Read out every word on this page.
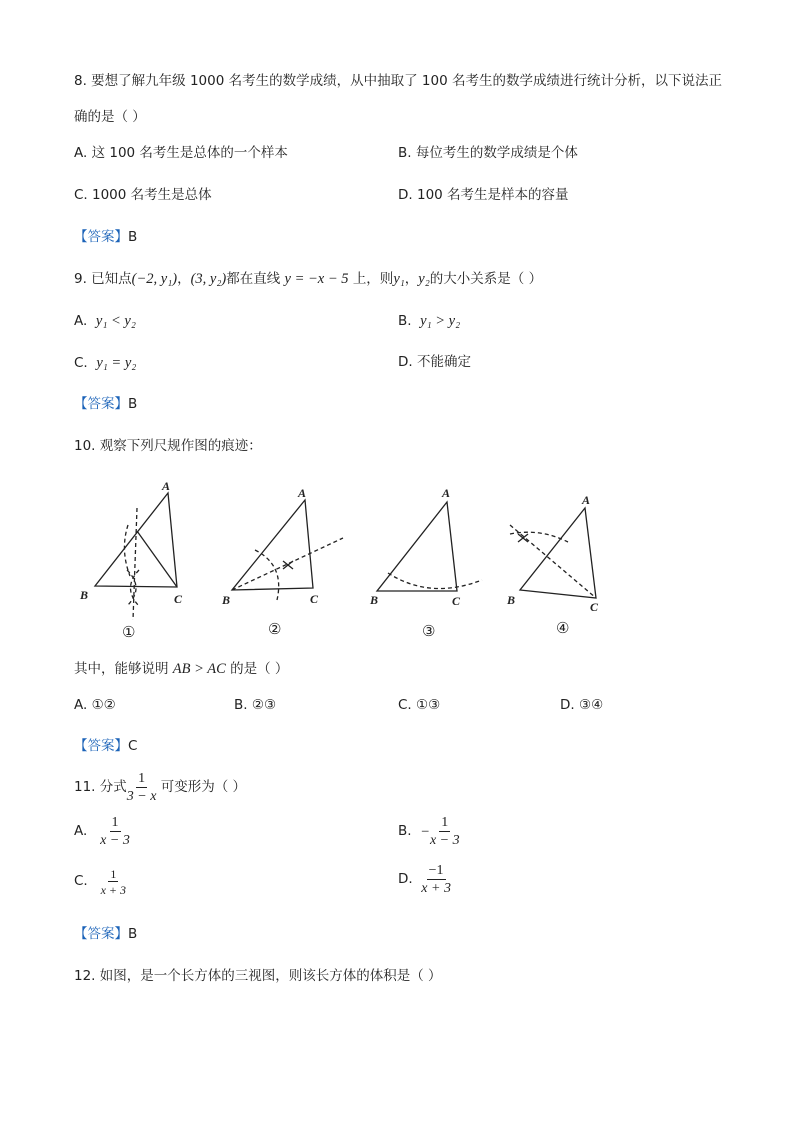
8. 要想了解九年级 1000 名考生的数学成绩，从中抽取了 100 名考生的数学成绩进行统计分析，以下说法正
确的是（ ）
A. 这 100 名考生是总体的一个样本	B. 每位考生的数学成绩是个体
C. 1000 名考生是总体	D. 100 名考生是样本的容量
【答案】B
9. 已知点(−2, y₁)，(3, y₂)都在直线 y = −x − 5 上，则y₁，y₂的大小关系是（ ）
A. y₁ < y₂	B. y₁ > y₂
C. y₁ = y₂	D. 不能确定
【答案】B
10. 观察下列尺规作图的痕迹：
A
B	C
①
A
B	C
②
A
B	C
③
A
B	C
④
其中，能够说明 AB > AC 的是（ ）
A. ①②	B. ②③	C. ①③	D. ③④
【答案】C
11. 分式 $\frac{1}{3 - x}$
可变形为（ ）
A.
$\frac{1}{x - 3}$	B.
− $\frac{1}{x - 3}$
C.
$\frac{1}{x + 3}$	D.
$\frac{-1}{x + 3}$
【答案】B
12. 如图，是一个长方体的三视图，则该长方体的体积是（ ）
